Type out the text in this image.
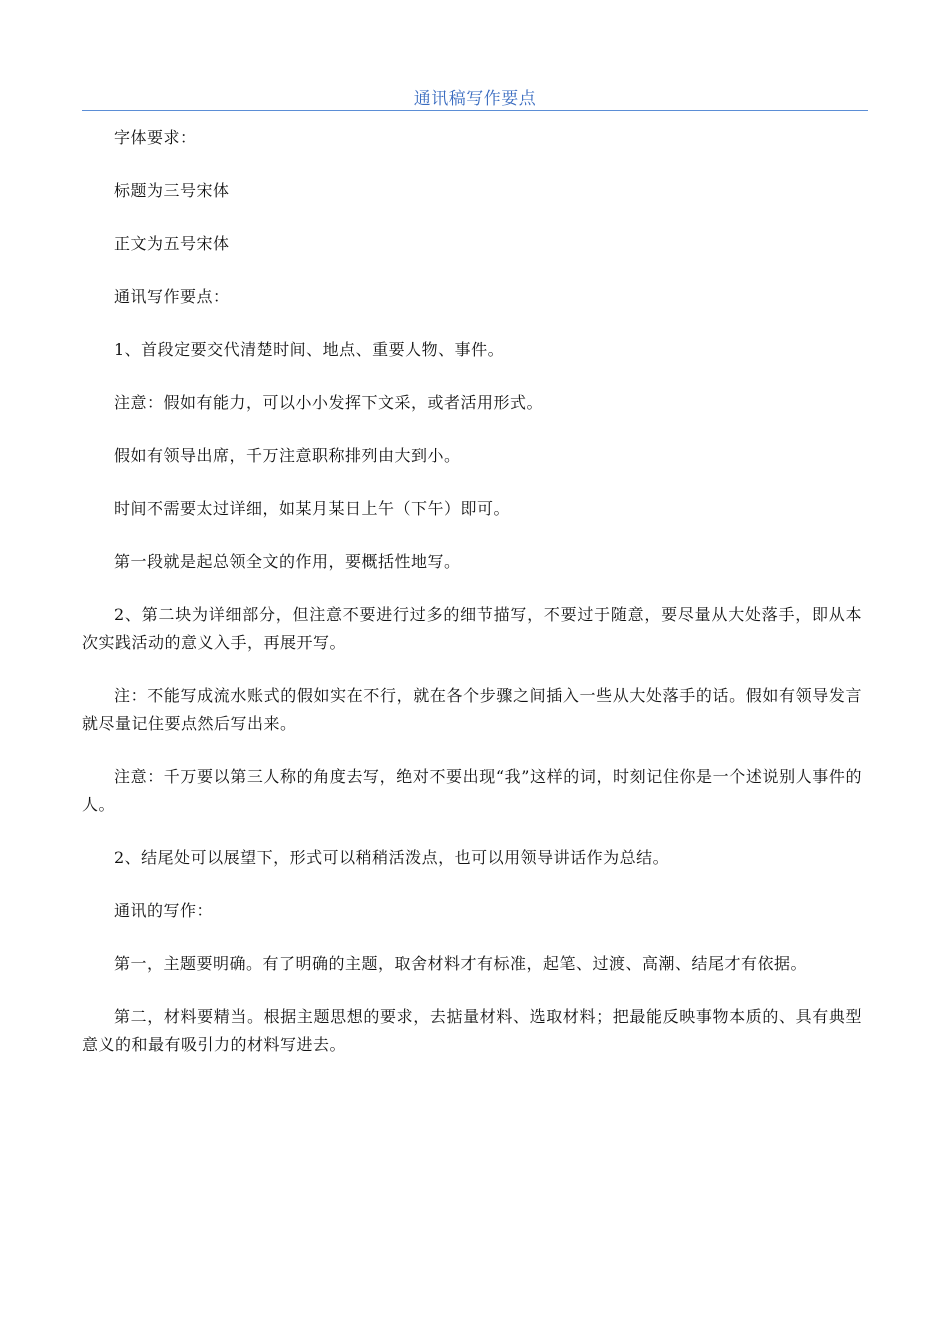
通讯稿写作要点

字体要求：

标题为三号宋体

正文为五号宋体

通讯写作要点：

1、首段定要交代清楚时间、地点、重要人物、事件。

注意：假如有能力，可以小小发挥下文采，或者活用形式。

假如有领导出席，千万注意职称排列由大到小。

时间不需要太过详细，如某月某日上午（下午）即可。

第一段就是起总领全文的作用，要概括性地写。

2、第二块为详细部分，但注意不要进行过多的细节描写，不要过于随意，要尽量从大处落手，即从本次实践活动的意义入手，再展开写。

注：不能写成流水账式的假如实在不行，就在各个步骤之间插入一些从大处落手的话。假如有领导发言就尽量记住要点然后写出来。

注意：千万要以第三人称的角度去写，绝对不要出现“我”这样的词，时刻记住你是一个述说别人事件的人。

2、结尾处可以展望下，形式可以稍稍活泼点，也可以用领导讲话作为总结。

通讯的写作：

第一，主题要明确。有了明确的主题，取舍材料才有标准，起笔、过渡、高潮、结尾才有依据。

第二，材料要精当。根据主题思想的要求，去掂量材料、选取材料；把最能反映事物本质的、具有典型意义的和最有吸引力的材料写进去。
